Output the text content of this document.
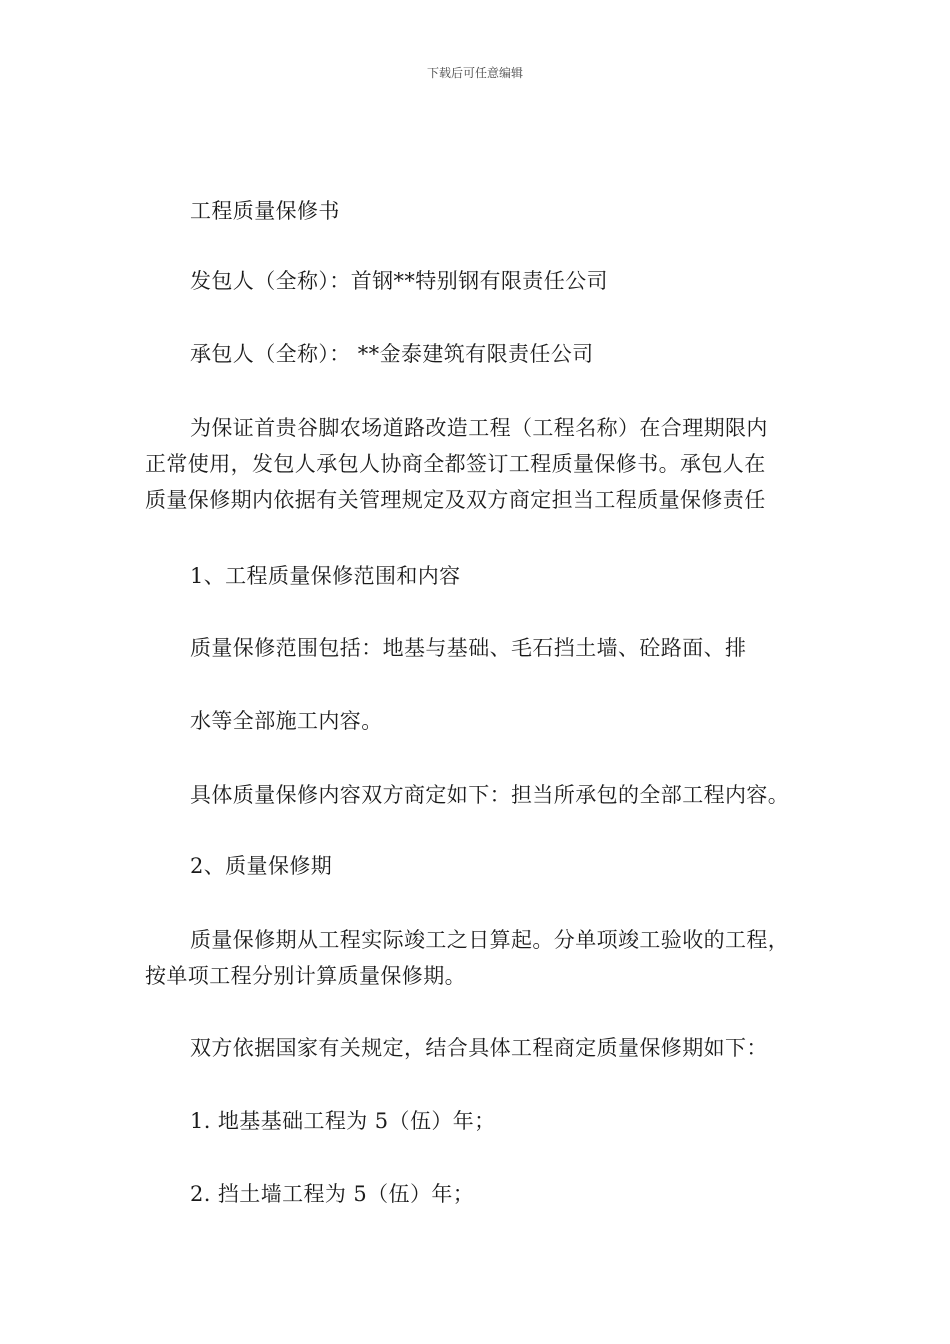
下载后可任意编辑

工程质量保修书

发包人（全称）：首钢**特别钢有限责任公司

承包人（全称）： **金泰建筑有限责任公司

为保证首贵谷脚农场道路改造工程（工程名称）在合理期限内

正常使用，发包人承包人协商全都签订工程质量保修书。承包人在

质量保修期内依据有关管理规定及双方商定担当工程质量保修责任

1、工程质量保修范围和内容

质量保修范围包括：地基与基础、毛石挡土墙、砼路面、排

水等全部施工内容。

具体质量保修内容双方商定如下：担当所承包的全部工程内容。

2、质量保修期

质量保修期从工程实际竣工之日算起。分单项竣工验收的工程，

按单项工程分别计算质量保修期。

双方依据国家有关规定，结合具体工程商定质量保修期如下：

1. 地基基础工程为 5（伍）年；

2. 挡土墙工程为 5（伍）年；
